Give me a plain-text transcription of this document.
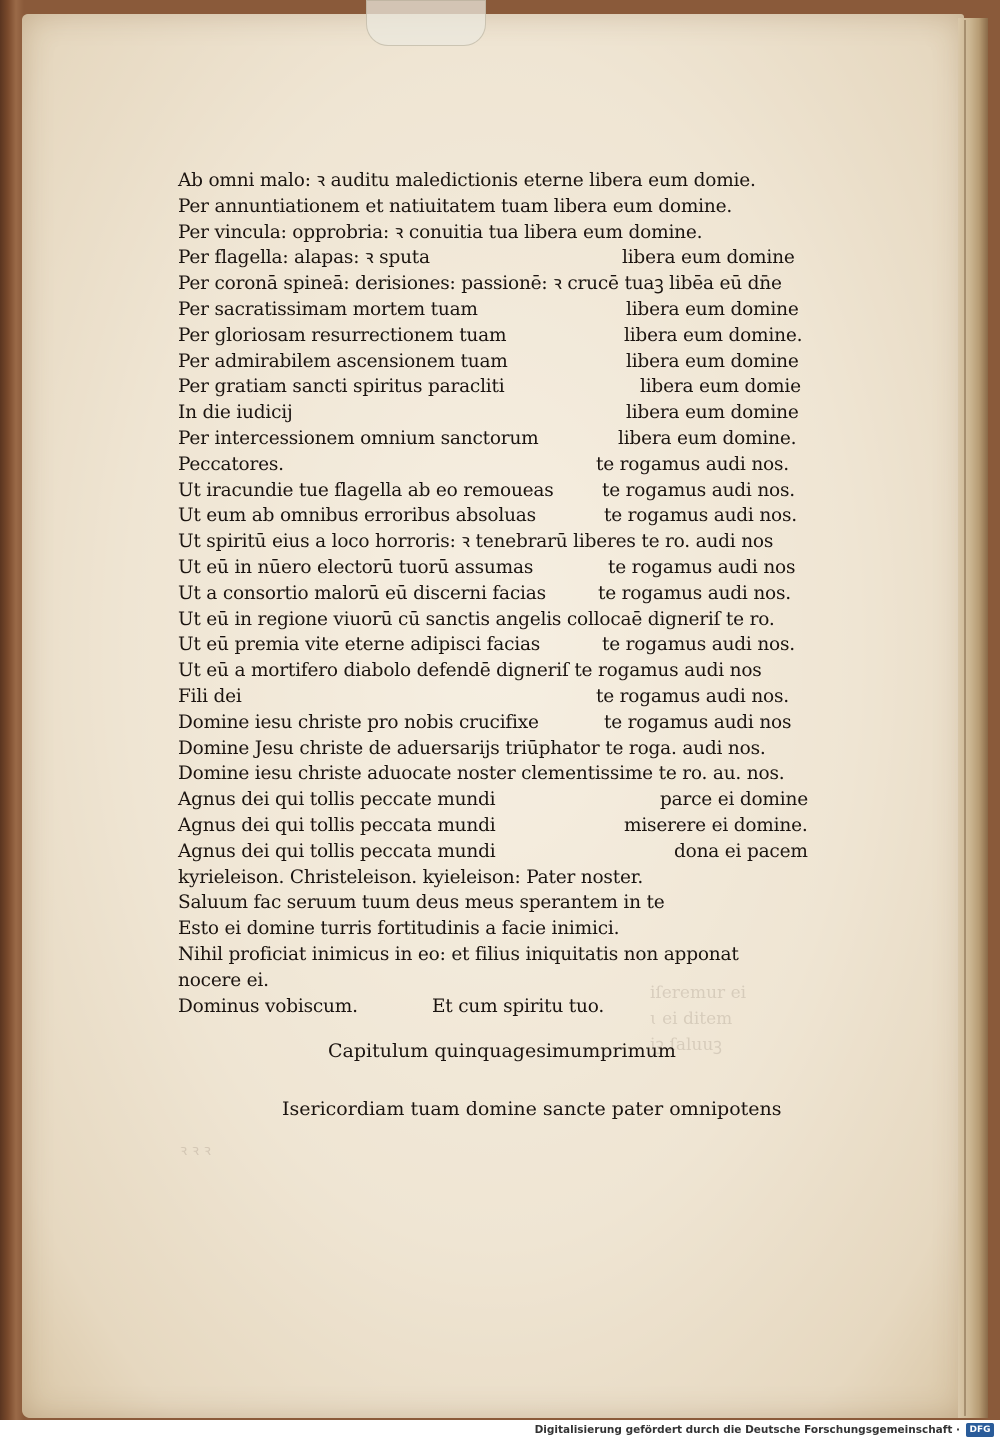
iſeremur ei
ɩ ei ditem
iꝫ ſaluuꝫ
ꝛ ꝛ ꝛ
Ab omni malo: ꝛ auditu maledictionis eterne libera eum domie.
Per annuntiationem et natiuitatem tuam libera eum domine.
Per vincula: opprobria: ꝛ conuitia tua libera eum domine.
Per flagella: alapas: ꝛ sputa	libera eum domine
Per coronā spineā: derisiones: passionē: ꝛ crucē tuaꝫ libēa eū dn̄e
Per sacratissimam mortem tuam	libera eum domine
Per gloriosam resurrectionem tuam	libera eum domine.
Per admirabilem ascensionem tuam	libera eum domine
Per gratiam sancti spiritus paracliti	libera eum domie
In die iudicij	libera eum domine
Per intercessionem omnium sanctorum	libera eum domine.
Peccatores.	te rogamus audi nos.
Ut iracundie tue flagella ab eo remoueas	te rogamus audi nos.
Ut eum ab omnibus erroribus absoluas	te rogamus audi nos.
Ut spiritū eius a loco horroris: ꝛ tenebrarū liberes te ro. audi nos
Ut eū in nūero electorū tuorū assumas	te rogamus audi nos
Ut a consortio malorū eū discerni facias	te rogamus audi nos.
Ut eū in regione viuorū cū sanctis angelis collocaē digneriſ te ro.
Ut eū premia vite eterne adipisci facias	te rogamus audi nos.
Ut eū a mortifero diabolo defendē digneriſ te rogamus audi nos
Fili dei	te rogamus audi nos.
Domine iesu christe pro nobis crucifixe	te rogamus audi nos
Domine Jesu christe de aduersarijs triūphator te roga. audi nos.
Domine iesu christe aduocate noster clementissime te ro. au. nos.
Agnus dei qui tollis peccate mundi	parce ei domine
Agnus dei qui tollis peccata mundi	miserere ei domine.
Agnus dei qui tollis peccata mundi	dona ei pacem
kyrieleison. Christeleison. kyieleison: Pater noster.
Saluum fac seruum tuum deus meus sperantem in te
Esto ei domine turris fortitudinis a facie inimici.
Nihil proficiat inimicus in eo: et filius iniquitatis non apponat
nocere ei.
Dominus vobiscum.	Et cum spiritu tuo.
Capitulum quinquagesimumprimum
Isericordiam tuam domine sancte pater omnipotens
Digitalisierung gefördert durch die Deutsche Forschungsgemeinschaft ·	DFG
